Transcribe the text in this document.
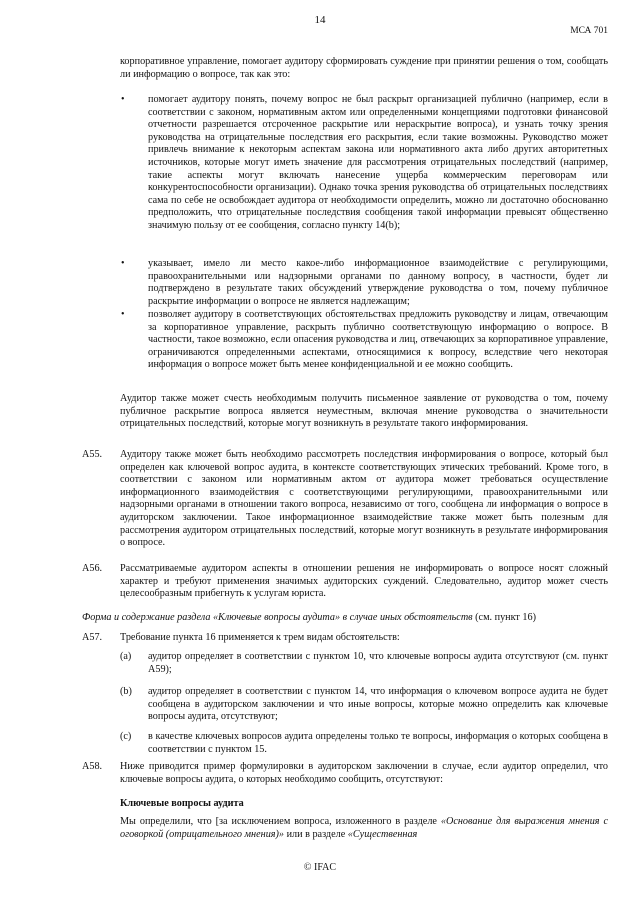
14
МСА 701
корпоративное управление, помогает аудитору сформировать суждение при принятии решения о том, сообщать ли информацию о вопросе, так как это:
• помогает аудитору понять, почему вопрос не был раскрыт организацией публично (например, если в соответствии с законом, нормативным актом или определенными концепциями подготовки финансовой отчетности разрешается отсроченное раскрытие или нераскрытие вопроса), и узнать точку зрения руководства на отрицательные последствия его раскрытия, если такие возможны. Руководство может привлечь внимание к некоторым аспектам закона или нормативного акта либо других авторитетных источников, которые могут иметь значение для рассмотрения отрицательных последствий (например, такие аспекты могут включать нанесение ущерба коммерческим переговорам или конкурентоспособности организации). Однако точка зрения руководства об отрицательных последствиях сама по себе не освобождает аудитора от необходимости определить, можно ли достаточно обоснованно предположить, что отрицательные последствия сообщения такой информации превысят общественно значимую пользу от ее сообщения, согласно пункту 14(b);
• указывает, имело ли место какое-либо информационное взаимодействие с регулирующими, правоохранительными или надзорными органами по данному вопросу, в частности, будет ли подтверждено в результате таких обсуждений утверждение руководства о том, почему публичное раскрытие информации о вопросе не является надлежащим;
• позволяет аудитору в соответствующих обстоятельствах предложить руководству и лицам, отвечающим за корпоративное управление, раскрыть публично соответствующую информацию о вопросе. В частности, такое возможно, если опасения руководства и лиц, отвечающих за корпоративное управление, ограничиваются определенными аспектами, относящимися к вопросу, вследствие чего некоторая информация о вопросе может быть менее конфиденциальной и ее можно сообщить.
Аудитор также может счесть необходимым получить письменное заявление от руководства о том, почему публичное раскрытие вопроса является неуместным, включая мнение руководства о значительности отрицательных последствий, которые могут возникнуть в результате такого информирования.
A55. Аудитору также может быть необходимо рассмотреть последствия информирования о вопросе, который был определен как ключевой вопрос аудита, в контексте соответствующих этических требований. Кроме того, в соответствии с законом или нормативным актом от аудитора может требоваться осуществление информационного взаимодействия с соответствующими регулирующими, правоохранительными или надзорными органами в отношении такого вопроса, независимо от того, сообщена ли информация о вопросе в аудиторском заключении. Такое информационное взаимодействие также может быть полезным для рассмотрения аудитором отрицательных последствий, которые могут возникнуть в результате информирования о вопросе.
A56. Рассматриваемые аудитором аспекты в отношении решения не информировать о вопросе носят сложный характер и требуют применения значимых аудиторских суждений. Следовательно, аудитор может счесть целесообразным прибегнуть к услугам юриста.
Форма и содержание раздела «Ключевые вопросы аудита» в случае иных обстоятельств (см. пункт 16)
A57. Требование пункта 16 применяется к трем видам обстоятельств:
(a) аудитор определяет в соответствии с пунктом 10, что ключевые вопросы аудита отсутствуют (см. пункт A59);
(b) аудитор определяет в соответствии с пунктом 14, что информация о ключевом вопросе аудита не будет сообщена в аудиторском заключении и что иные вопросы, которые можно определить как ключевые вопросы аудита, отсутствуют;
(c) в качестве ключевых вопросов аудита определены только те вопросы, информация о которых сообщена в соответствии с пунктом 15.
A58. Ниже приводится пример формулировки в аудиторском заключении в случае, если аудитор определил, что ключевые вопросы аудита, о которых необходимо сообщить, отсутствуют:
Ключевые вопросы аудита
Мы определили, что [за исключением вопроса, изложенного в разделе «Основание для выражения мнения с оговоркой (отрицательного мнения)» или в разделе «Существенная
© IFAC
